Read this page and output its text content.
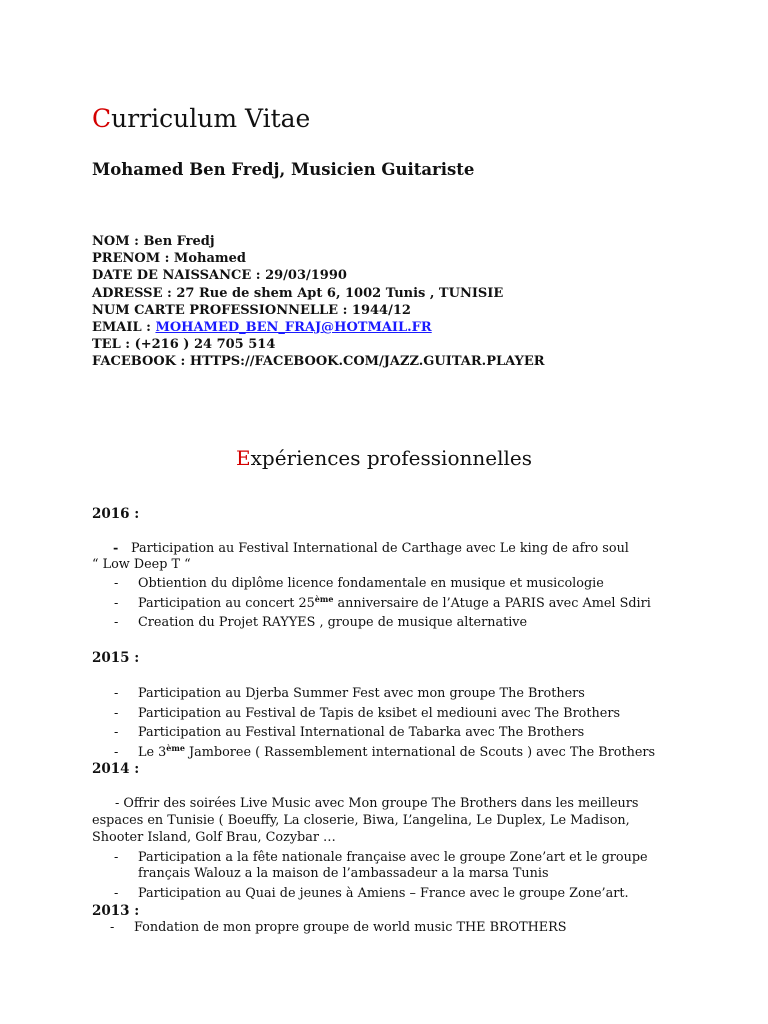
Curriculum Vitae
Mohamed Ben Fredj, Musicien Guitariste
NOM : Ben Fredj
PRENOM : Mohamed
DATE DE NAISSANCE : 29/03/1990
ADRESSE : 27 Rue de shem Apt 6, 1002 Tunis , TUNISIE
NUM CARTE PROFESSIONNELLE : 1944/12
EMAIL : MOHAMED_BEN_FRAJ@HOTMAIL.FR
TEL : (+216 ) 24 705 514
FACEBOOK : HTTPS://FACEBOOK.COM/JAZZ.GUITAR.PLAYER
Expériences professionnelles
2016 :
- Participation au Festival International de Carthage avec Le king de afro soul
“ Low Deep T “
- Obtiention du diplôme licence fondamentale en musique et musicologie
- Participation au concert 25ème anniversaire de l’Atuge a PARIS avec Amel Sdiri
- Creation du Projet RAYYES , groupe de musique alternative
2015 :
- Participation au Djerba Summer Fest avec mon groupe The Brothers
- Participation au Festival de Tapis de ksibet el mediouni avec The Brothers
- Participation au Festival International de Tabarka avec The Brothers
- Le 3ème Jamboree ( Rassemblement international de Scouts ) avec The Brothers
2014 :
- Offrir des soirées Live Music avec Mon groupe The Brothers dans les meilleurs
espaces en Tunisie ( Boeuffy, La closerie, Biwa, L’angelina, Le Duplex, Le Madison,
Shooter Island, Golf Brau, Cozybar …
- Participation a la fête nationale française avec le groupe Zone’art et le groupe
français Walouz a la maison de l’ambassadeur a la marsa Tunis
- Participation au Quai de jeunes à Amiens – France avec le groupe Zone’art.
2013 :
- Fondation de mon propre groupe de world music THE BROTHERS
